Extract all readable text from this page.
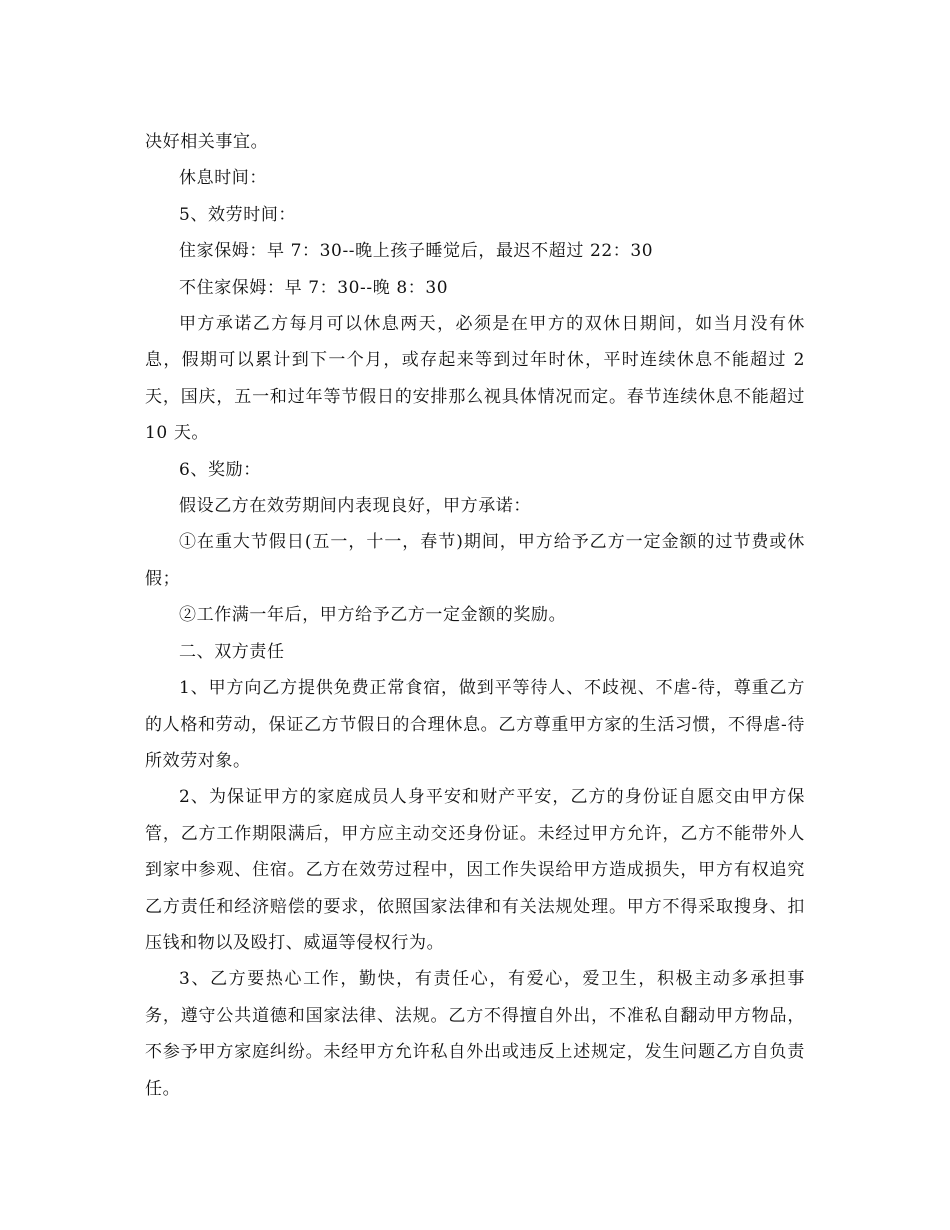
决好相关事宜。

休息时间：

5、效劳时间：

住家保姆：早 7：30--晚上孩子睡觉后，最迟不超过 22：30

不住家保姆：早 7：30--晚 8：30

甲方承诺乙方每月可以休息两天，必须是在甲方的双休日期间，如当月没有休息，假期可以累计到下一个月，或存起来等到过年时休，平时连续休息不能超过 2 天，国庆，五一和过年等节假日的安排那么视具体情况而定。春节连续休息不能超过 10 天。

6、奖励：

假设乙方在效劳期间内表现良好，甲方承诺：

①在重大节假日(五一，十一，春节)期间，甲方给予乙方一定金额的过节费或休假；

②工作满一年后，甲方给予乙方一定金额的奖励。

二、双方责任

1、甲方向乙方提供免费正常食宿，做到平等待人、不歧视、不虐-待，尊重乙方的人格和劳动，保证乙方节假日的合理休息。乙方尊重甲方家的生活习惯，不得虐-待所效劳对象。

2、为保证甲方的家庭成员人身平安和财产平安，乙方的身份证自愿交由甲方保管，乙方工作期限满后，甲方应主动交还身份证。未经过甲方允许，乙方不能带外人到家中参观、住宿。乙方在效劳过程中，因工作失误给甲方造成损失，甲方有权追究乙方责任和经济赔偿的要求，依照国家法律和有关法规处理。甲方不得采取搜身、扣压钱和物以及殴打、威逼等侵权行为。

3、乙方要热心工作，勤快，有责任心，有爱心，爱卫生，积极主动多承担事务，遵守公共道德和国家法律、法规。乙方不得擅自外出，不准私自翻动甲方物品，不参予甲方家庭纠纷。未经甲方允许私自外出或违反上述规定，发生问题乙方自负责任。
